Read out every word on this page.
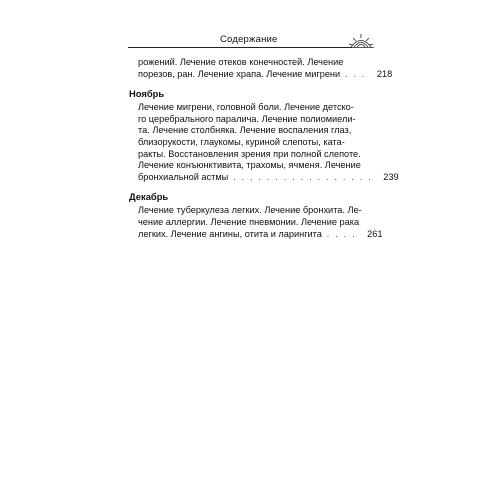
Содержание
рожений. Лечение отеков конечностей. Лечение
порезов, ран. Лечение храпа. Лечение мигрени . . .	218
Ноябрь
Лечение мигрени, головной боли. Лечение детско-
го церебрального паралича. Лечение полиомиели-
та. Лечение столбняка. Лечение воспаления глаз,
близорукости, глаукомы, куриной слепоты, ката-
ракты. Восстановления зрения при полной слепоте.
Лечение конъюнктивита, трахомы, ячменя. Лечение
бронхиальной астмы . . . . . . . . . . . . . . . . .	239
Декабрь
Лечение туберкулеза легких. Лечение бронхита. Ле-
чение аллергии. Лечение пневмонии. Лечение рака
легких. Лечение ангины, отита и ларингита . . . .	261
